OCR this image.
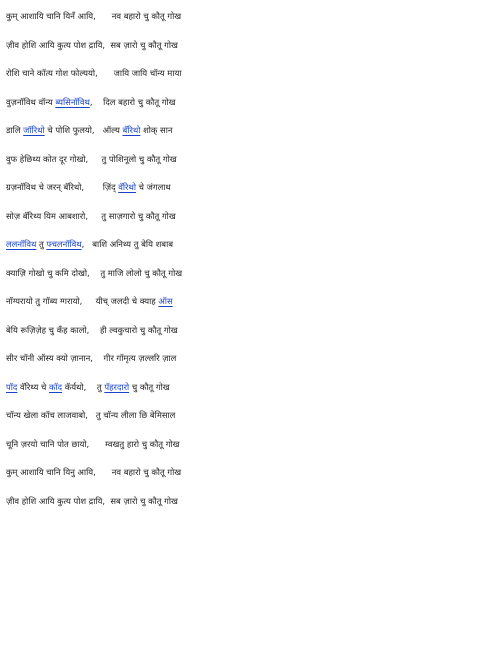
कुम् आशायि चानि यिनँ आयि,      नव बहारो चु कौतू गोख
ज़ीव होशि आयि कुत्य पोश द्रायि,  सब ज़ारो चु कौतू गोख
रोशि चाने कॉत्य गोश फोल्ययो,      जायि जायि चॉन्य माया
वुज़नॉविथ वॉन्य ब्यसिनॉविथ,    दिल बहारो चु कौतू गोख
डालि जॉरिथो चे पोशि फुलयो,   ऑल्य बॅरिथो शोक् सान
वुफ हेछिथ्य कोत दूर गोखो,     तु पोशिनूलो चु कौतू गोख
ग्रज़नॉविथ चे जरन् बॅरिथो,       ज़िंद् वॅरिथो चे जंगलाथ
सोज़ बॅरिथ्य यिम आबशारो,     तु साज़गारो चु कौतू गोख
ललनॉविथ तु फ्चलनॉविथ,   बाशि अनिथ्य तु बेयि शबाब
क्याज़ि गोखो चु कमि दोखो,    तु माजि लोलो चु कौतू गोख
नॉग्यरायो तु गॉब्य ग्गरायो,     यीच् जलदी चे क्याह ऑस
बेयि रूज़िज़ेह चु कँह कालो,    ही ल्वकुचारो चु कौतू गोख
सीर चॉनी ऑस्य क्यो ज़ानान,    गीर गॉमृत्य ज़ल्लरि ज़ाल
पॉद वॅरिथ्य चे कॉद कॅर्यथो,    तु पॅहरदारो चु कौतू गोख
चॉन्य खेला कॉच लाजवाबो,   तु चॉन्य लीला छि बेमिसाल
चूनि ज़रयो चानि पोत छायो,      म्वखतु हारो चु कौतू गोख
कुम् आशायि चानि यिनु आयि,      नव बहारो चु कौतू गोख
ज़ीव होशि आयि कुत्य पोश द्रायि,  सब ज़ारो चु कौतू गोख
